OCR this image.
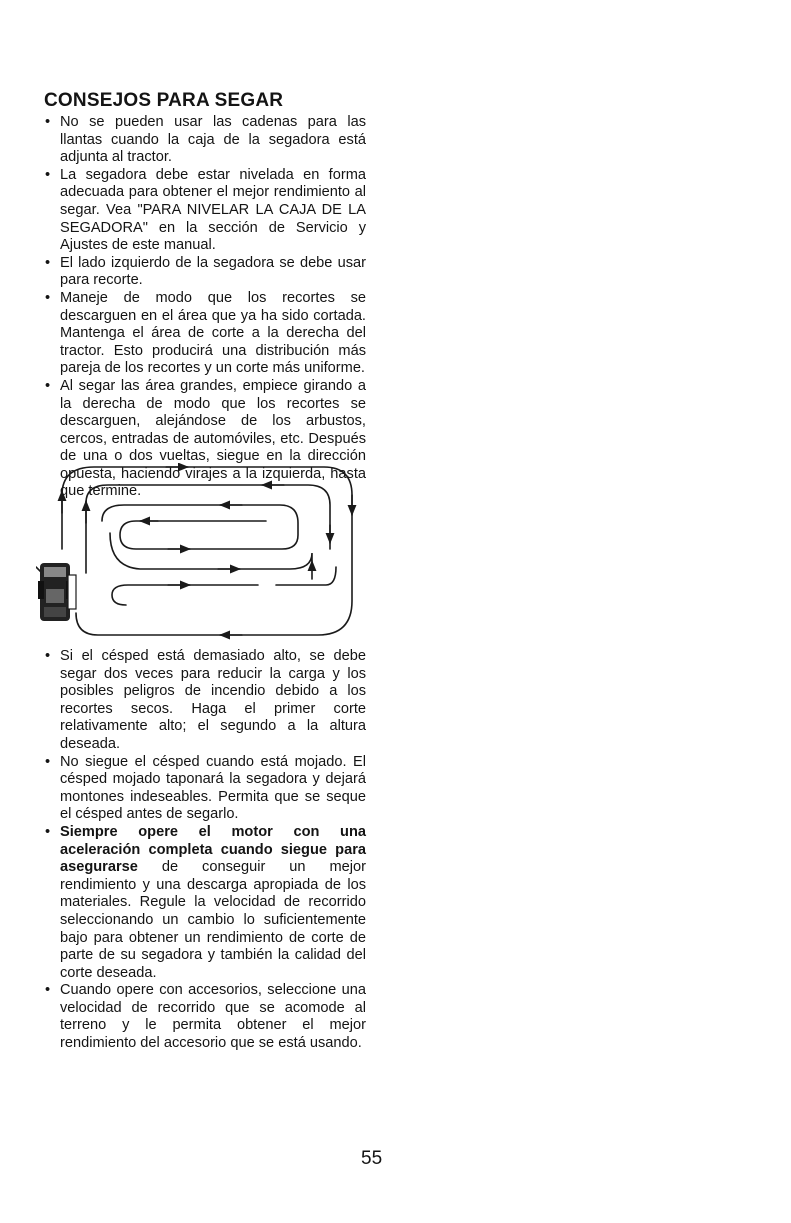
CONSEJOS PARA SEGAR
• No se pueden usar las cadenas para las llantas cuando la caja de la segadora está adjunta al tractor.
• La segadora debe estar nivelada en forma adecuada para obtener el mejor rendimiento al segar. Vea "PARA NIVELAR LA CAJA DE LA SEGADORA" en la sección de Servicio y Ajustes de este manual.
• El lado izquierdo de la segadora se debe usar para recorte.
• Maneje de modo que los recortes se descarguen en el área que ya ha sido cortada. Mantenga el área de corte a la derecha del tractor. Esto producirá una distribución más pareja de los recortes y un corte más uniforme.
• Al segar las área grandes, empiece girando a la derecha de modo que los recortes se descarguen, alejándose de los arbustos, cercos, entradas de automóviles, etc. Después de una o dos vueltas, siegue en la dirección opuesta, haciendo virajes a la izquierda, hasta que termine.
• Si el césped está demasiado alto, se debe segar dos veces para reducir la carga y los posibles peligros de incendio debido a los recortes secos. Haga el primer corte relativamente alto; el segundo a la altura deseada.
• No siegue el césped cuando está mojado. El césped mojado taponará la segadora y dejará montones indeseables. Permita que se seque el césped antes de segarlo.
• Siempre opere el motor con una aceleración completa cuando siegue para asegurarse de conseguir un mejor rendimiento y una descarga apropiada de los materiales. Regule la velocidad de recorrido seleccionando un cambio lo suficientemente bajo para obtener un rendimiento de corte de parte de su segadora y también la calidad del corte deseada.
• Cuando opere con accesorios, seleccione una velocidad de recorrido que se acomode al terreno y le permita obtener el mejor rendimiento del accesorio que se está usando.
55
